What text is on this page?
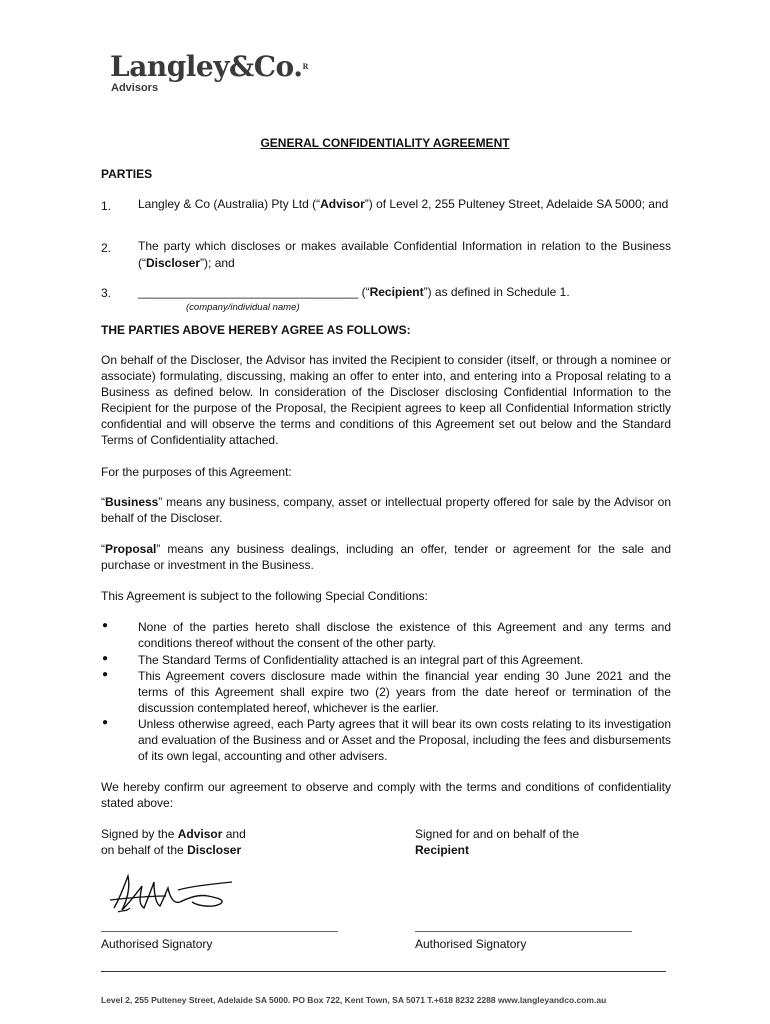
Langley&Co.$^R$
Advisors
GENERAL CONFIDENTIALITY AGREEMENT
PARTIES
1. Langley & Co (Australia) Pty Ltd (“Advisor”) of Level 2, 255 Pulteney Street, Adelaide SA 5000; and
2. The party which discloses or makes available Confidential Information in relation to the Business (“Discloser”); and
3. _________________________________ (“Recipient”) as defined in Schedule 1.
(company/individual name)
THE PARTIES ABOVE HEREBY AGREE AS FOLLOWS:
On behalf of the Discloser, the Advisor has invited the Recipient to consider (itself, or through a nominee or associate) formulating, discussing, making an offer to enter into, and entering into a Proposal relating to a Business as defined below. In consideration of the Discloser disclosing Confidential Information to the Recipient for the purpose of the Proposal, the Recipient agrees to keep all Confidential Information strictly confidential and will observe the terms and conditions of this Agreement set out below and the Standard Terms of Confidentiality attached.
For the purposes of this Agreement:
“Business” means any business, company, asset or intellectual property offered for sale by the Advisor on behalf of the Discloser.
“Proposal” means any business dealings, including an offer, tender or agreement for the sale and purchase or investment in the Business.
This Agreement is subject to the following Special Conditions:
● None of the parties hereto shall disclose the existence of this Agreement and any terms and conditions thereof without the consent of the other party.
● The Standard Terms of Confidentiality attached is an integral part of this Agreement.
● This Agreement covers disclosure made within the financial year ending 30 June 2021 and the terms of this Agreement shall expire two (2) years from the date hereof or termination of the discussion contemplated hereof, whichever is the earlier.
● Unless otherwise agreed, each Party agrees that it will bear its own costs relating to its investigation and evaluation of the Business and or Asset and the Proposal, including the fees and disbursements of its own legal, accounting and other advisers.
We hereby confirm our agreement to observe and comply with the terms and conditions of confidentiality stated above:
Signed by the Advisor and
on behalf of the Discloser
Signed for and on behalf of the
Recipient
Authorised Signatory	Authorised Signatory
Level 2, 255 Pulteney Street, Adelaide SA 5000. PO Box 722, Kent Town, SA 5071 T.+618 8232 2288 www.langleyandco.com.au
